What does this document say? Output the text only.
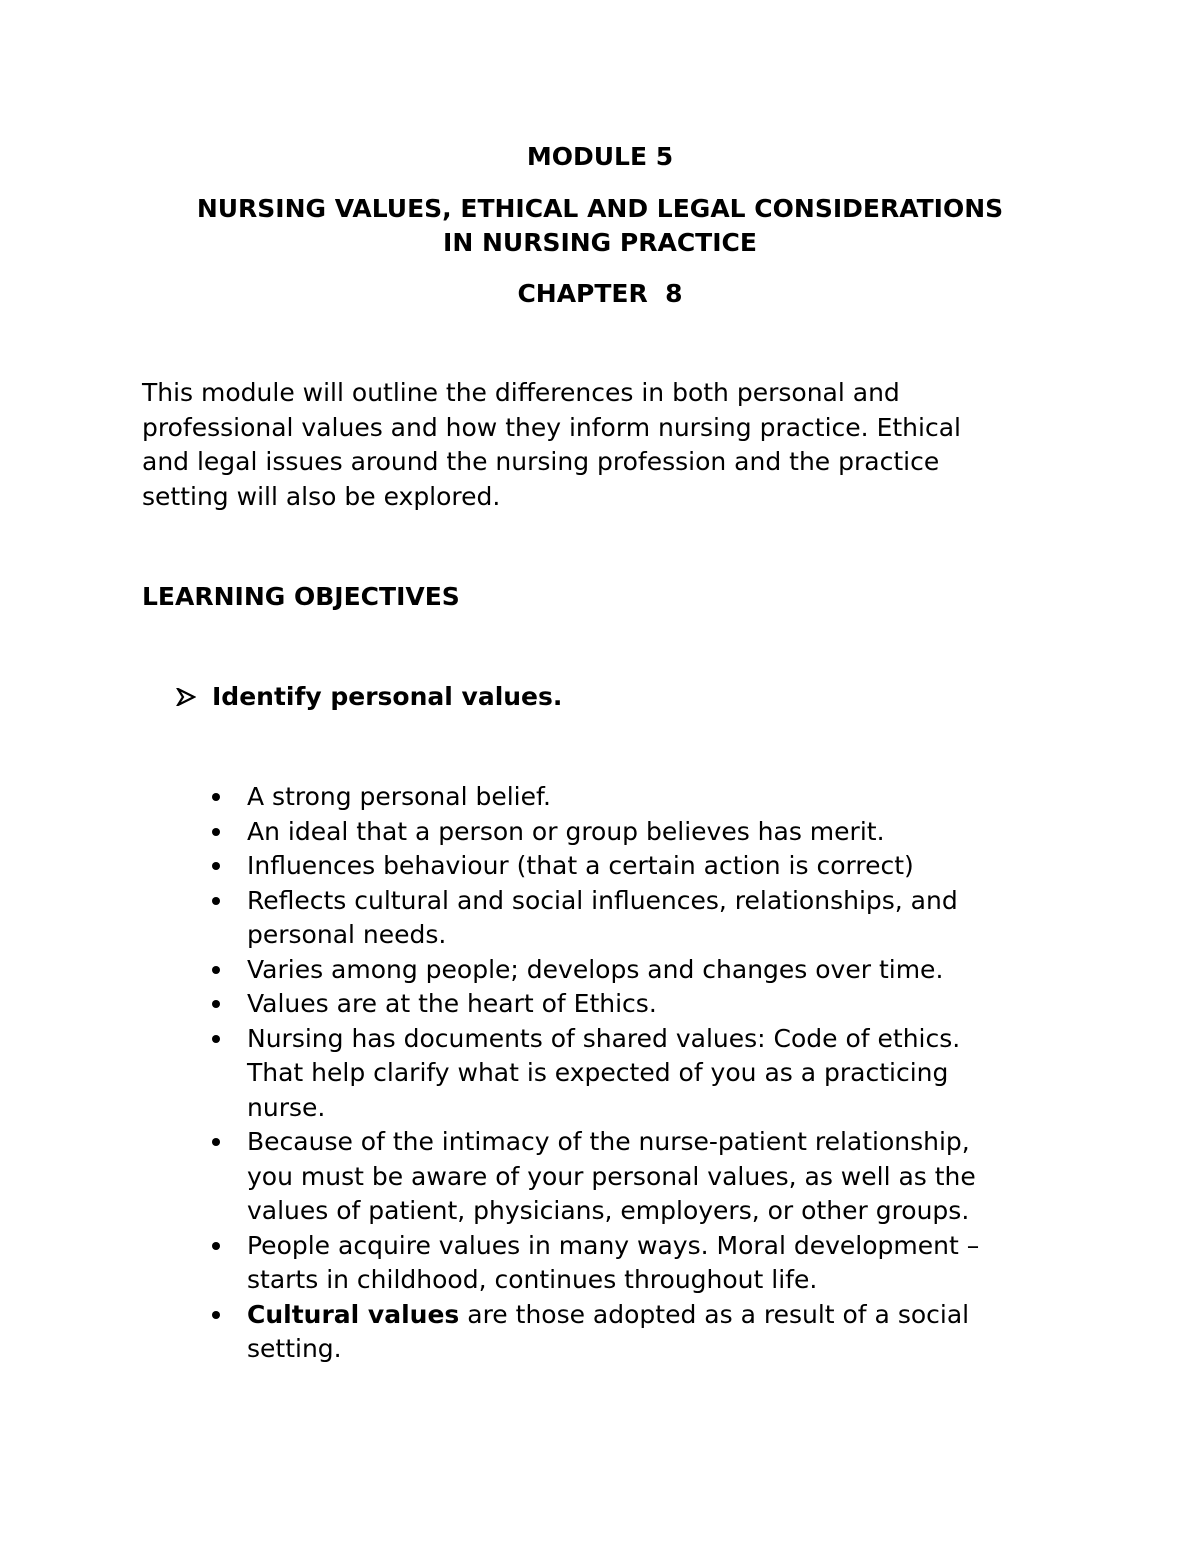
MODULE 5
NURSING VALUES, ETHICAL AND LEGAL CONSIDERATIONS
IN NURSING PRACTICE
CHAPTER  8
This module will outline the differences in both personal and
professional values and how they inform nursing practice. Ethical
and legal issues around the nursing profession and the practice
setting will also be explored.
LEARNING OBJECTIVES
Identify personal values.
A strong personal belief.
An ideal that a person or group believes has merit.
Influences behaviour (that a certain action is correct)
Reflects cultural and social influences, relationships, and
personal needs.
Varies among people; develops and changes over time.
Values are at the heart of Ethics.
Nursing has documents of shared values: Code of ethics.
That help clarify what is expected of you as a practicing
nurse.
Because of the intimacy of the nurse-patient relationship,
you must be aware of your personal values, as well as the
values of patient, physicians, employers, or other groups.
People acquire values in many ways. Moral development –
starts in childhood, continues throughout life.
Cultural values are those adopted as a result of a social
setting.
